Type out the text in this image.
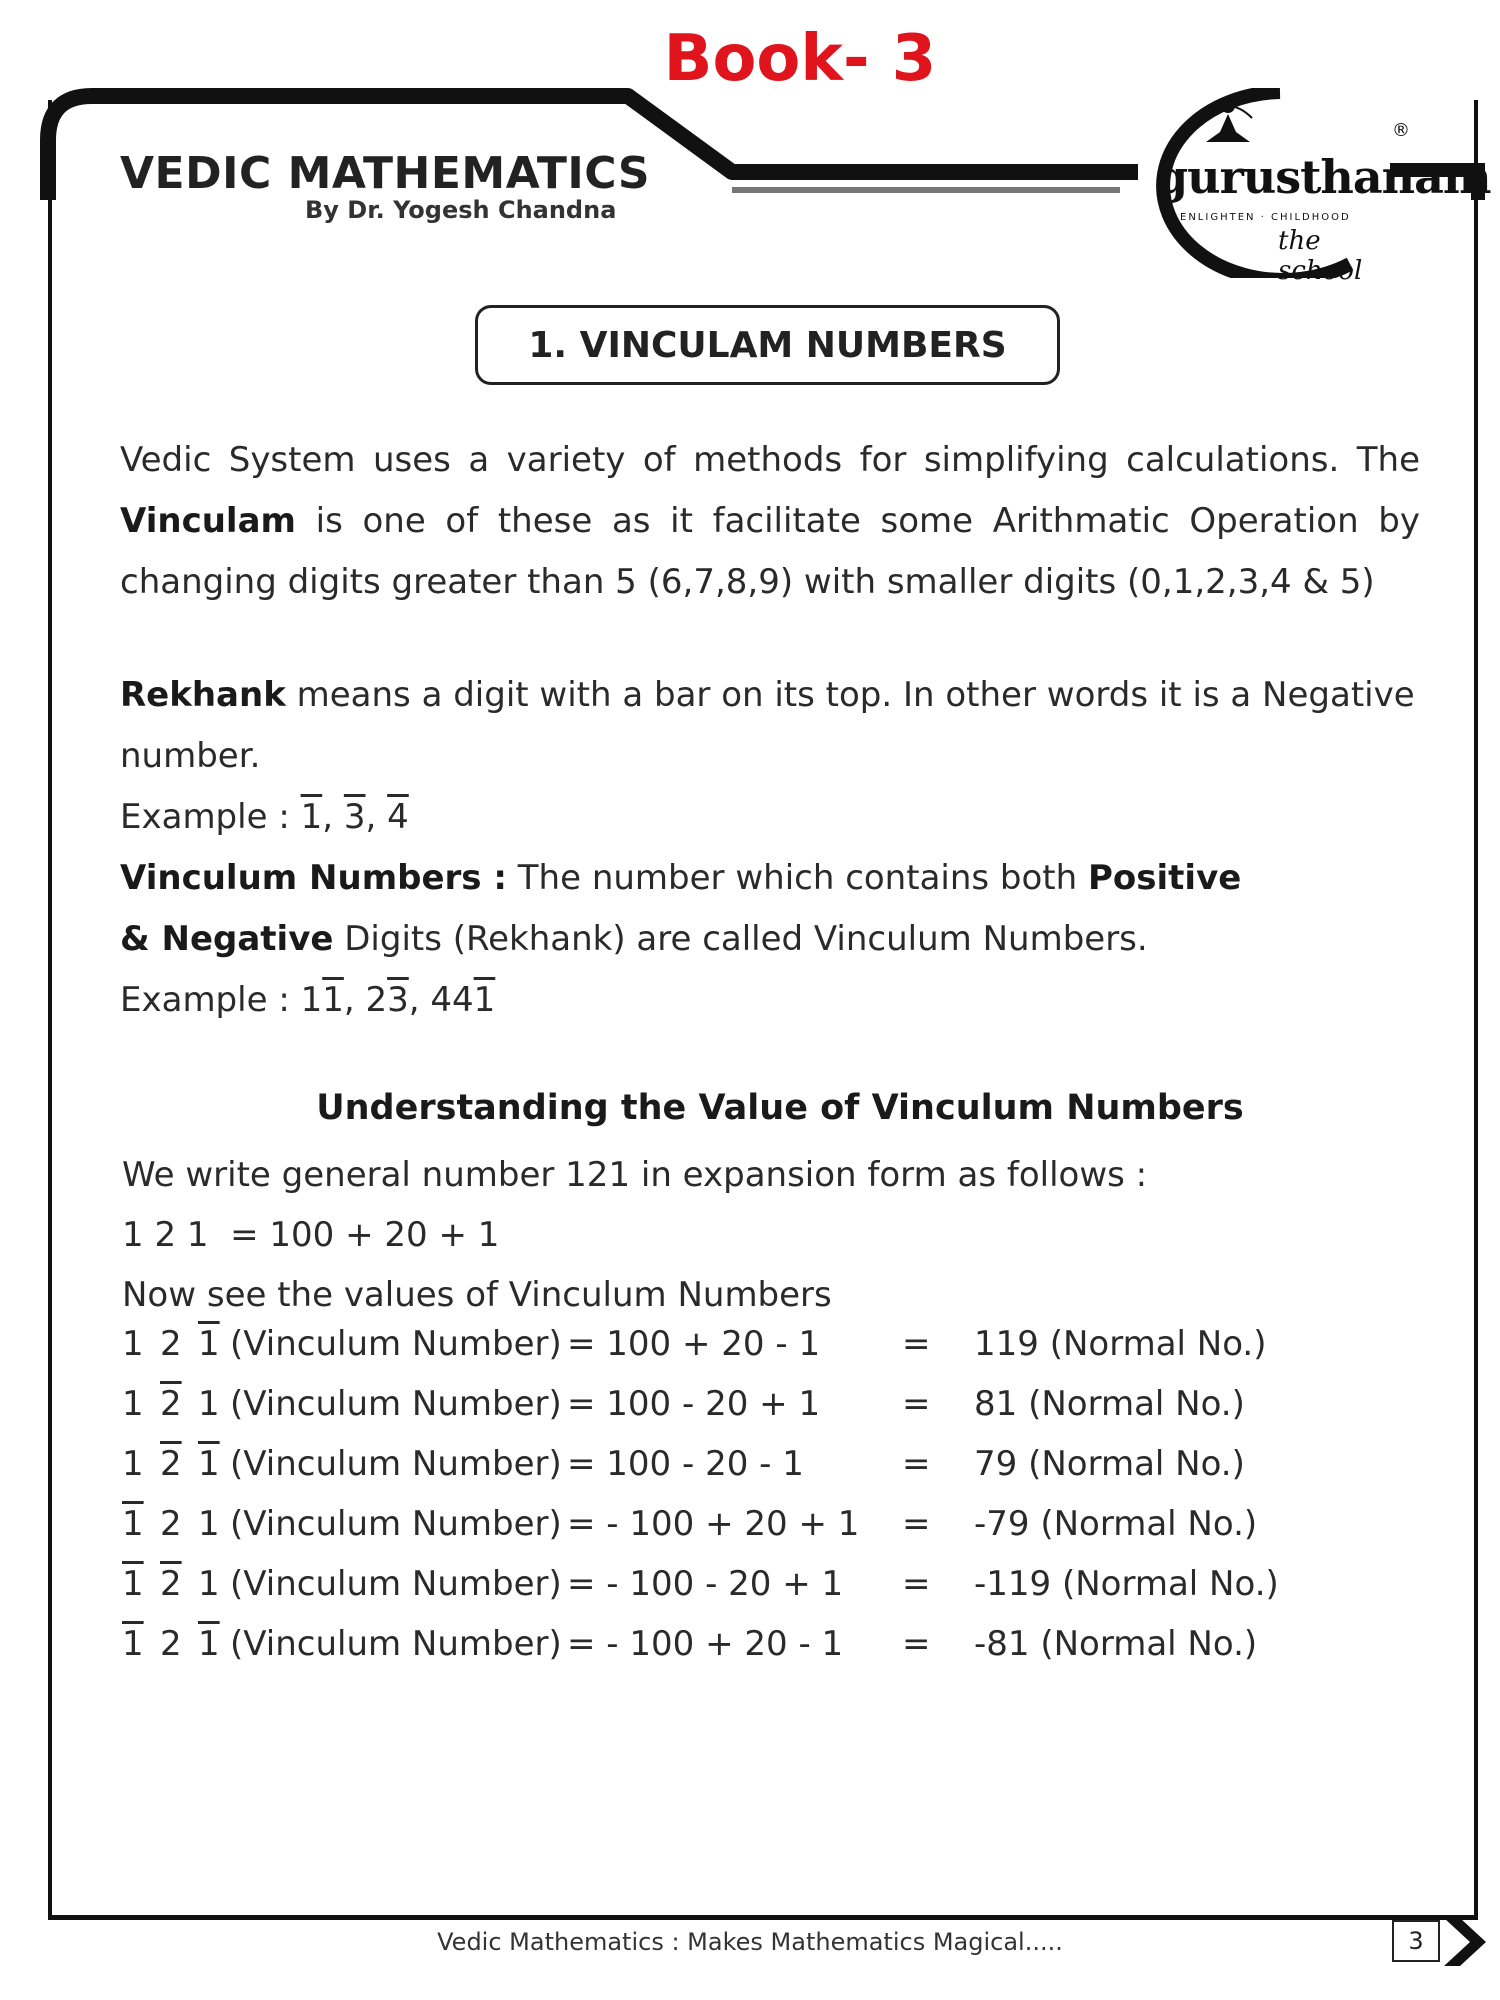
Book- 3
VEDIC MATHEMATICS
By Dr. Yogesh Chandna
gurusthanam
ENLIGHTEN · CHILDHOOD
the school
®
1. VINCULAM NUMBERS
Vedic System uses a variety of methods for simplifying calculations. The Vinculam is one of these as it facilitate some Arithmatic Operation by changing digits greater than 5 (6,7,8,9) with smaller digits (0,1,2,3,4 & 5)
Rekhank means a digit with a bar on its top. In other words it is a Negative number.
Example : 1, 3, 4
Vinculum Numbers : The number which contains both Positive
& Negative Digits (Rekhank) are called Vinculum Numbers.
Example : 11, 23, 441
Understanding the Value of Vinculum Numbers
We write general number 121 in expansion form as follows :
1 2 1  = 100 + 20 + 1
Now see the values of Vinculum Numbers
1 2 1 (Vinculum Number) = 100 + 20 - 1 = 119 (Normal No.)
1 2 1 (Vinculum Number) = 100 - 20 + 1 = 81 (Normal No.)
1 2 1 (Vinculum Number) = 100 - 20 - 1	= 79 (Normal No.)
1 2 1 (Vinculum Number) = - 100 + 20 + 1 = -79 (Normal No.)
1 2 1 (Vinculum Number) = - 100 - 20 + 1 = -119 (Normal No.)
1 2 1 (Vinculum Number) = - 100 + 20 - 1 = -81 (Normal No.)
Vedic Mathematics : Makes Mathematics Magical.....	3
